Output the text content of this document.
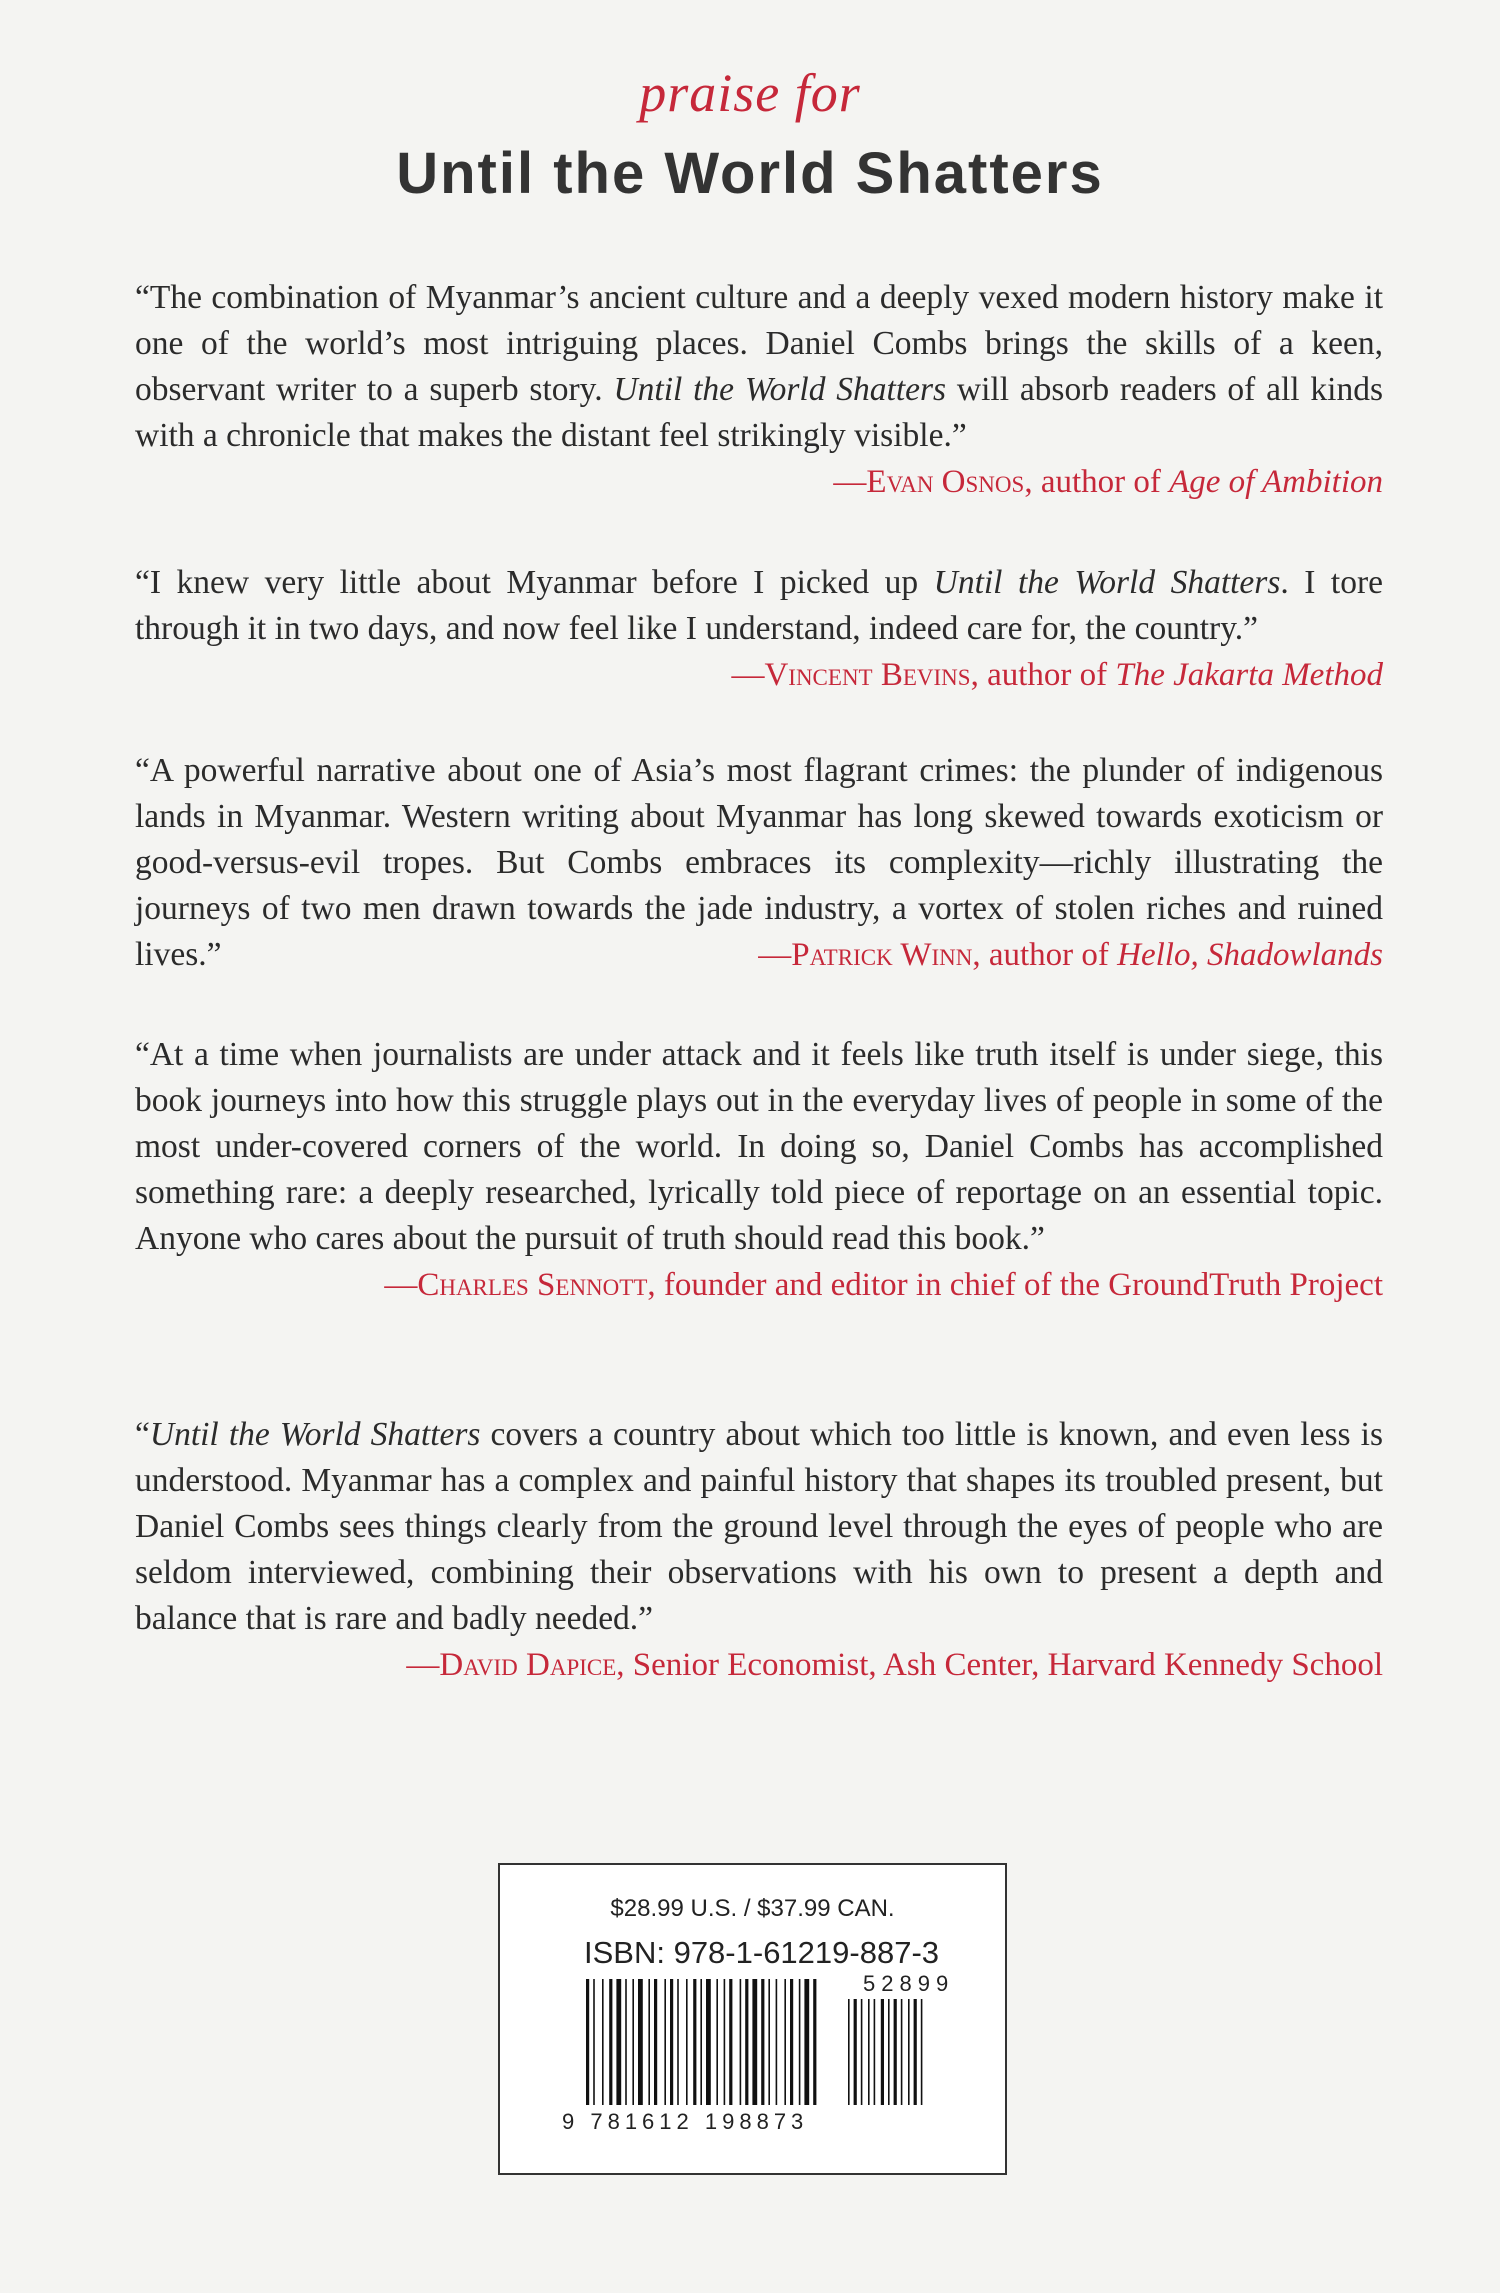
praise for
Until the World Shatters

“The combination of Myanmar’s ancient culture and a deeply vexed modern history make it one of the world’s most intriguing places. Daniel Combs brings the skills of a keen, observant writer to a superb story. Until the World Shatters will absorb readers of all kinds with a chronicle that makes the distant feel strikingly visible.”

—Evan Osnos, author of Age of Ambition

“I knew very little about Myanmar before I picked up Until the World Shatters. I tore through it in two days, and now feel like I understand, indeed care for, the country.”

—Vincent Bevins, author of The Jakarta Method

“A powerful narrative about one of Asia’s most flagrant crimes: the plunder of indigenous lands in Myanmar. Western writing about Myanmar has long skewed towards exoticism or good-versus-evil tropes. But Combs embraces its complexity—richly illustrating the journeys of two men drawn towards the jade industry, a vortex of stolen riches and ruined lives.”	—Patrick Winn, author of Hello, Shadowlands

“At a time when journalists are under attack and it feels like truth itself is under siege, this book journeys into how this struggle plays out in the everyday lives of people in some of the most under-covered corners of the world. In doing so, Daniel Combs has accomplished something rare: a deeply researched, lyrically told piece of reportage on an essential topic. Anyone who cares about the pursuit of truth should read this book.”

—Charles Sennott, founder and editor in chief of the GroundTruth Project

“Until the World Shatters covers a country about which too little is known, and even less is understood. Myanmar has a complex and painful history that shapes its troubled present, but Daniel Combs sees things clearly from the ground level through the eyes of people who are seldom interviewed, combining their observations with his own to present a depth and balance that is rare and badly needed.”

—David Dapice, Senior Economist, Ash Center, Harvard Kennedy School
$28.99 U.S. / $37.99 CAN.
ISBN: 978-1-61219-887-3
52899
9 781612 198873
